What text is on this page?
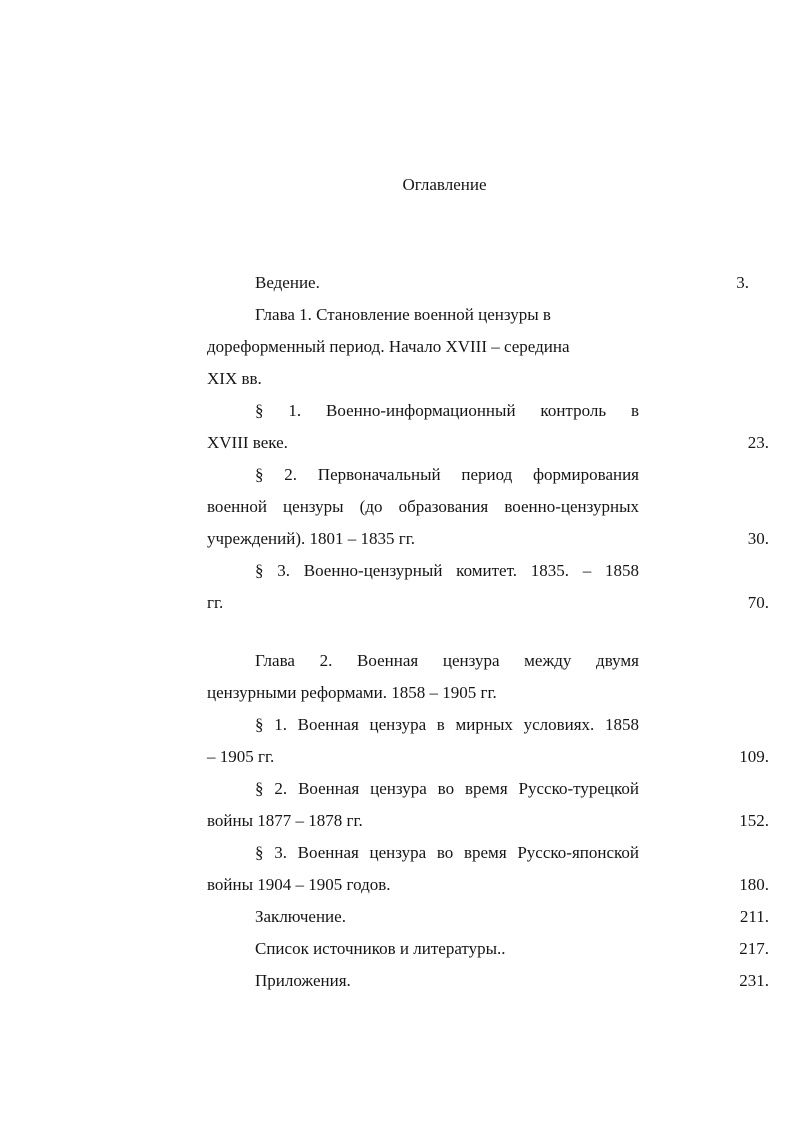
Оглавление
Ведение.	3.
Глава 1. Становление военной цензуры в
дореформенный период. Начало XVIII – середина
XIX вв.
§ 1. Военно-информационный контроль в
XVIII веке.	23.
§ 2. Первоначальный период формирования
военной цензуры (до образования военно-цензурных
учреждений). 1801 – 1835 гг.	30.
§ 3. Военно-цензурный комитет. 1835. – 1858
гг.	70.
Глава 2. Военная цензура между двумя
цензурными реформами. 1858 – 1905 гг.
§ 1. Военная цензура в мирных условиях. 1858
– 1905 гг.	109.
§ 2. Военная цензура во время Русско-турецкой
войны 1877 – 1878 гг.	152.
§ 3. Военная цензура во время Русско-японской
войны 1904 – 1905 годов.	180.
Заключение.	211.
Список источников и литературы..	217.
Приложения.	231.
